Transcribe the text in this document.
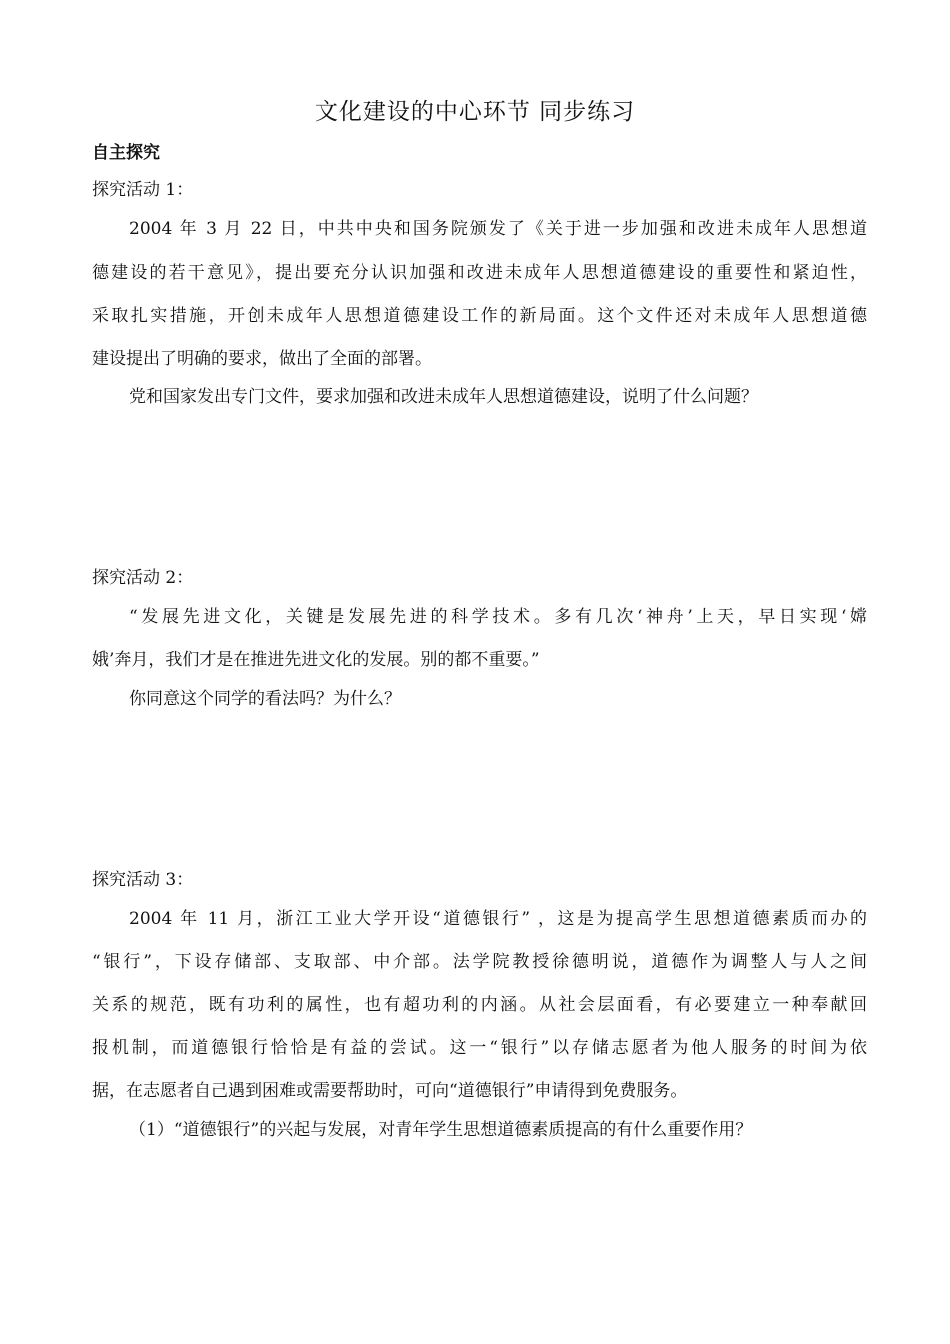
文化建设的中心环节 同步练习
自主探究
探究活动 1：
2004 年 3 月 22 日，中共中央和国务院颁发了《关于进一步加强和改进未成年人思想道
德建设的若干意见》，提出要充分认识加强和改进未成年人思想道德建设的重要性和紧迫性，
采取扎实措施，开创未成年人思想道德建设工作的新局面。这个文件还对未成年人思想道德
建设提出了明确的要求，做出了全面的部署。
党和国家发出专门文件，要求加强和改进未成年人思想道德建设，说明了什么问题？
探究活动 2：
“发展先进文化，关键是发展先进的科学技术。多有几次‘神舟’上天，早日实现‘嫦
娥’奔月，我们才是在推进先进文化的发展。别的都不重要。”
你同意这个同学的看法吗？为什么？
探究活动 3：
2004 年 11 月，浙江工业大学开设“道德银行” ，这是为提高学生思想道德素质而办的
“银行”，下设存储部、支取部、中介部。法学院教授徐德明说，道德作为调整人与人之间
关系的规范，既有功利的属性，也有超功利的内涵。从社会层面看，有必要建立一种奉献回
报机制，而道德银行恰恰是有益的尝试。这一“银行”以存储志愿者为他人服务的时间为依
据，在志愿者自己遇到困难或需要帮助时，可向“道德银行”申请得到免费服务。
（1）“道德银行”的兴起与发展，对青年学生思想道德素质提高的有什么重要作用？
